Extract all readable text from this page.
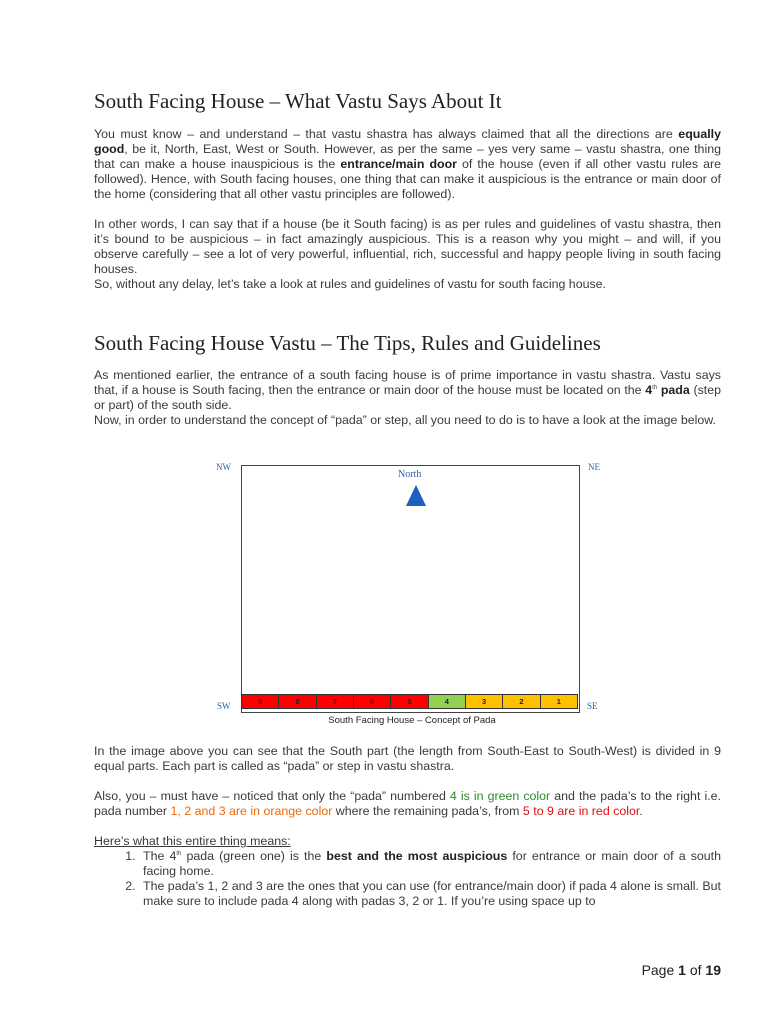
South Facing House – What Vastu Says About It

You must know – and understand – that vastu shastra has always claimed that all the directions are equally good, be it, North, East, West or South. However, as per the same – yes very same – vastu shastra, one thing that can make a house inauspicious is the entrance/main door of the house (even if all other vastu rules are followed). Hence, with South facing houses, one thing that can make it auspicious is the entrance or main door of the home (considering that all other vastu principles are followed).

In other words, I can say that if a house (be it South facing) is as per rules and guidelines of vastu shastra, then it’s bound to be auspicious – in fact amazingly auspicious. This is a reason why you might – and will, if you observe carefully – see a lot of very powerful, influential, rich, successful and happy people living in south facing houses.

So, without any delay, let’s take a look at rules and guidelines of vastu for south facing house.

South Facing House Vastu – The Tips, Rules and Guidelines

As mentioned earlier, the entrance of a south facing house is of prime importance in vastu shastra. Vastu says that, if a house is South facing, then the entrance or main door of the house must be located on the 4th pada (step or part) of the south side.

Now, in order to understand the concept of “pada” or step, all you need to do is to have a look at the image below.

NW	NE
SW	SE
North
9	8	7	6	5	4	3	2	1
South Facing House – Concept of Pada

In the image above you can see that the South part (the length from South-East to South-West) is divided in 9 equal parts. Each part is called as “pada” or step in vastu shastra.

Also, you – must have – noticed that only the “pada” numbered 4 is in green color and the pada’s to the right i.e. pada number 1, 2 and 3 are in orange color where the remaining pada’s, from 5 to 9 are in red color.

Here’s what this entire thing means:

1. The 4th pada (green one) is the best and the most auspicious for entrance or main door of a south facing home.
2. The pada’s 1, 2 and 3 are the ones that you can use (for entrance/main door) if pada 4 alone is small. But make sure to include pada 4 along with padas 3, 2 or 1. If you’re using space up to
Page 1 of 19
